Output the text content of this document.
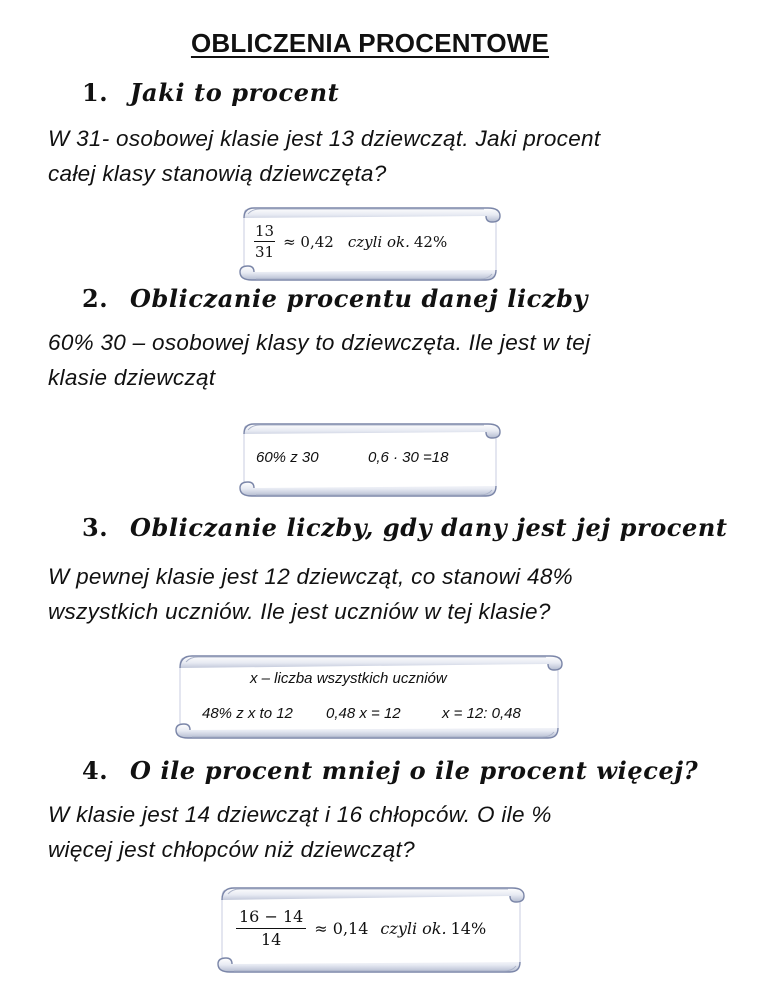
OBLICZENIA PROCENTOWE
1. Jaki to procent
W 31- osobowej klasie jest 13 dziewcząt. Jaki procent
całej klasy stanowią dziewczęta?
$\frac{13}{31} \approx 0,42$ czyli ok. 42%
2. Obliczanie procentu danej liczby
60% 30 – osobowej klasy to dziewczęta. Ile jest w tej
klasie dziewcząt
60% z 30	0,6 · 30 =18
3. Obliczanie liczby, gdy dany jest jej procent
W pewnej klasie jest 12 dziewcząt, co stanowi 48%
wszystkich uczniów. Ile jest uczniów w tej klasie?
x – liczba wszystkich uczniów
48% z x to 12 0,48 x = 12	x = 12: 0,48
4. O ile procent mniej o ile procent więcej?
W klasie jest 14 dziewcząt i 16 chłopców. O ile %
więcej jest chłopców niż dziewcząt?
$\frac{16 - 14}{14} \approx 0,14$ czyli ok. 14%
